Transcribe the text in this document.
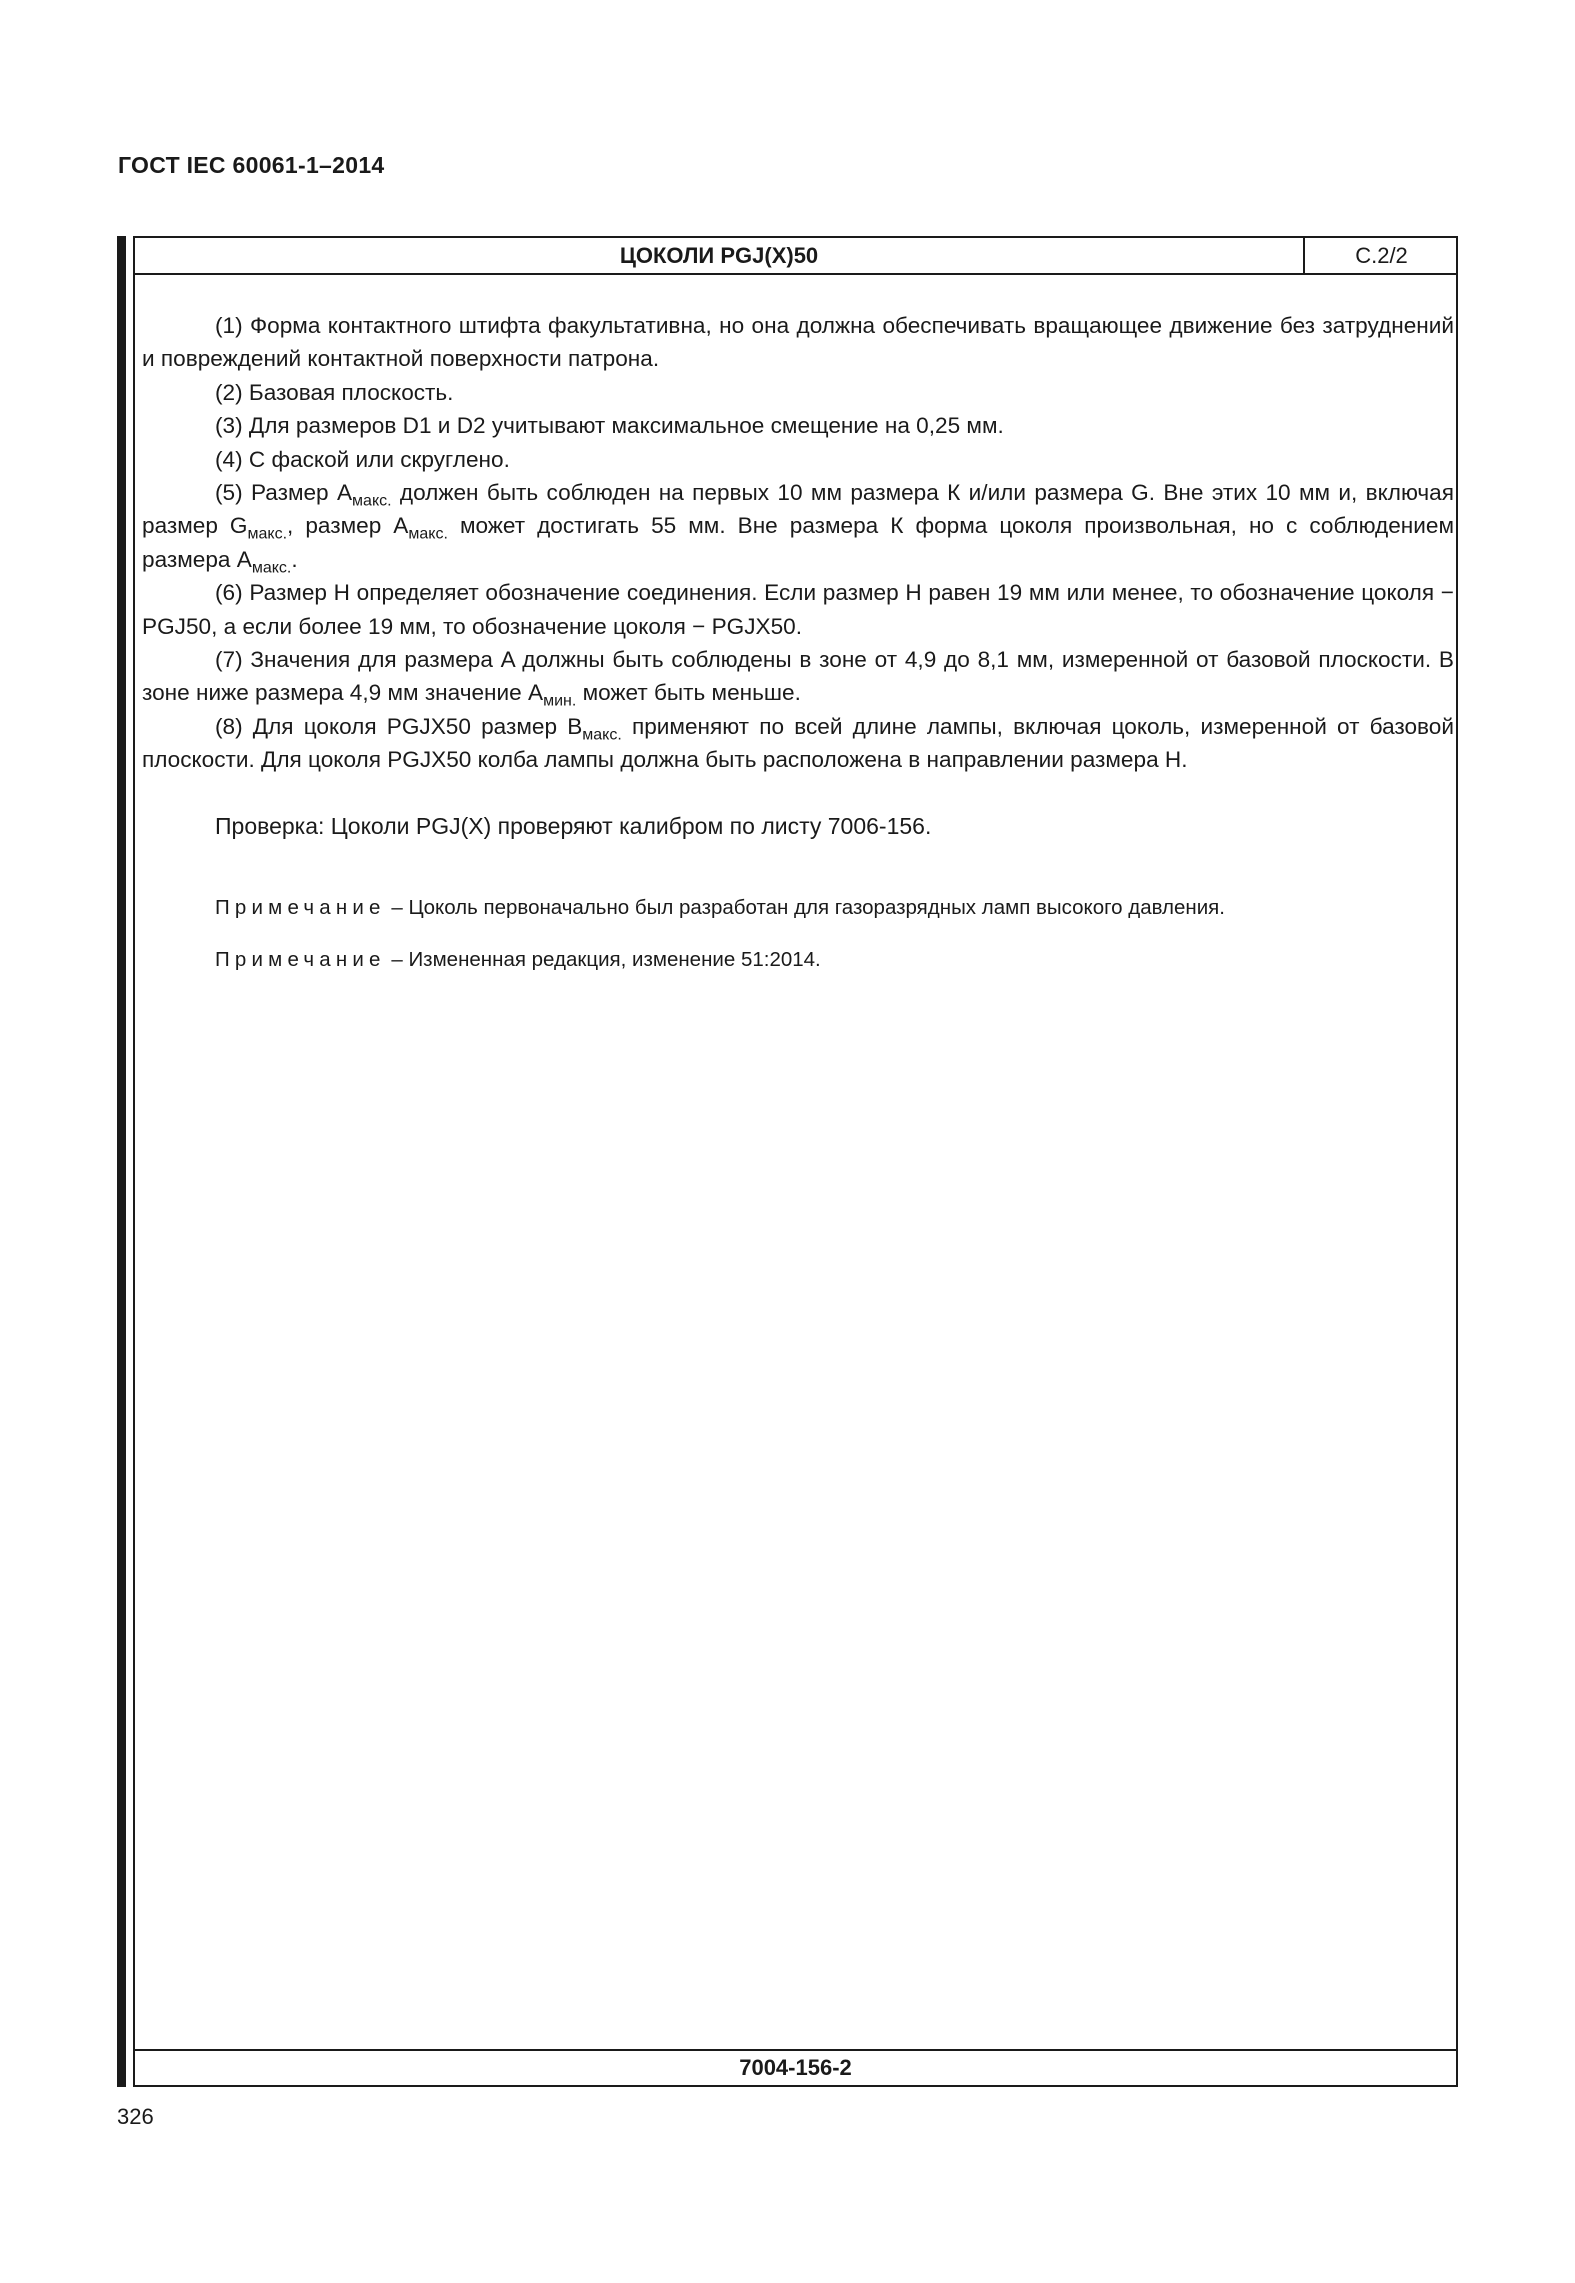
ГОСТ IEC 60061-1–2014
ЦОКОЛИ PGJ(X)50	С.2/2

(1) Форма контактного штифта факультативна, но она должна обеспечивать вращающее движение без затруднений и повреждений контактной поверхности патрона.

(2) Базовая плоскость.

(3) Для размеров D1 и D2 учитывают максимальное смещение на 0,25 мм.

(4) С фаской или скруглено.

(5) Размер $A_{макс.}$ должен быть соблюден на первых 10 мм размера К и/или размера G. Вне этих 10 мм и, включая размер $G_{макс.}$, размер $A_{макс.}$ может достигать 55 мм. Вне размера К форма цоколя произвольная, но с соблюдением размера $A_{макс.}$.

(6) Размер H определяет обозначение соединения. Если размер H равен 19 мм или менее, то обозначение цоколя − PGJ50, а если более 19 мм, то обозначение цоколя − PGJX50.

(7) Значения для размера A должны быть соблюдены в зоне от 4,9 до 8,1 мм, измеренной от базовой плоскости. В зоне ниже размера 4,9 мм значение $A_{мин.}$ может быть меньше.

(8) Для цоколя PGJX50 размер $B_{макс.}$ применяют по всей длине лампы, включая цоколь, измеренной от базовой плоскости. Для цоколя PGJX50 колба лампы должна быть расположена в направлении размера H.

Проверка: Цоколи PGJ(X) проверяют калибром по листу 7006-156.

Примечание – Цоколь первоначально был разработан для газоразрядных ламп высокого давления.

Примечание – Измененная редакция, изменение 51:2014.

7004-156-2
326
